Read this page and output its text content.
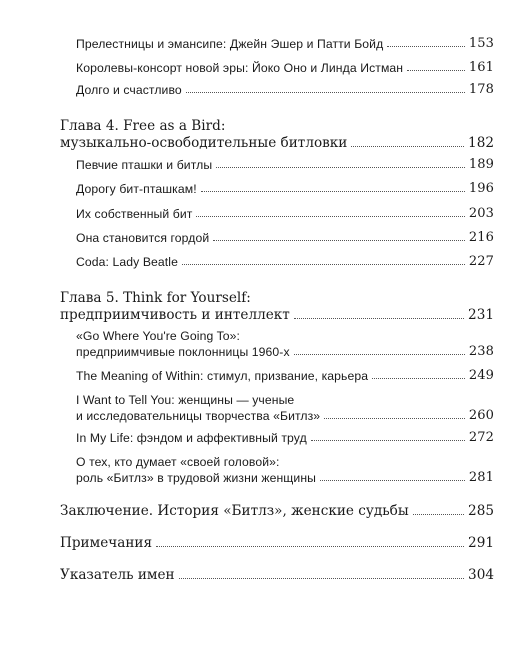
Прелестницы и эмансипе: Джейн Эшер и Патти Бойд	153
Королевы-консорт новой эры: Йоко Оно и Линда Истман	161
Долго и счастливо	178
Глава 4. Free as a Bird:
музыкально-освободительные битловки	182
Певчие пташки и битлы	189
Дорогу бит-пташкам!	196
Их собственный бит	203
Она становится гордой	216
Coda: Lady Beatle	227
Глава 5. Think for Yourself:
предприимчивость и интеллект	231
«Go Where You're Going To»:
предприимчивые поклонницы 1960-х	238
The Meaning of Within: стимул, призвание, карьера	249
I Want to Tell You: женщины — ученые
и исследовательницы творчества «Битлз»	260
In My Life: фэндом и аффективный труд	272
О тех, кто думает «своей головой»:
роль «Битлз» в трудовой жизни женщины	281
Заключение. История «Битлз», женские судьбы	285
Примечания	291
Указатель имен	304
